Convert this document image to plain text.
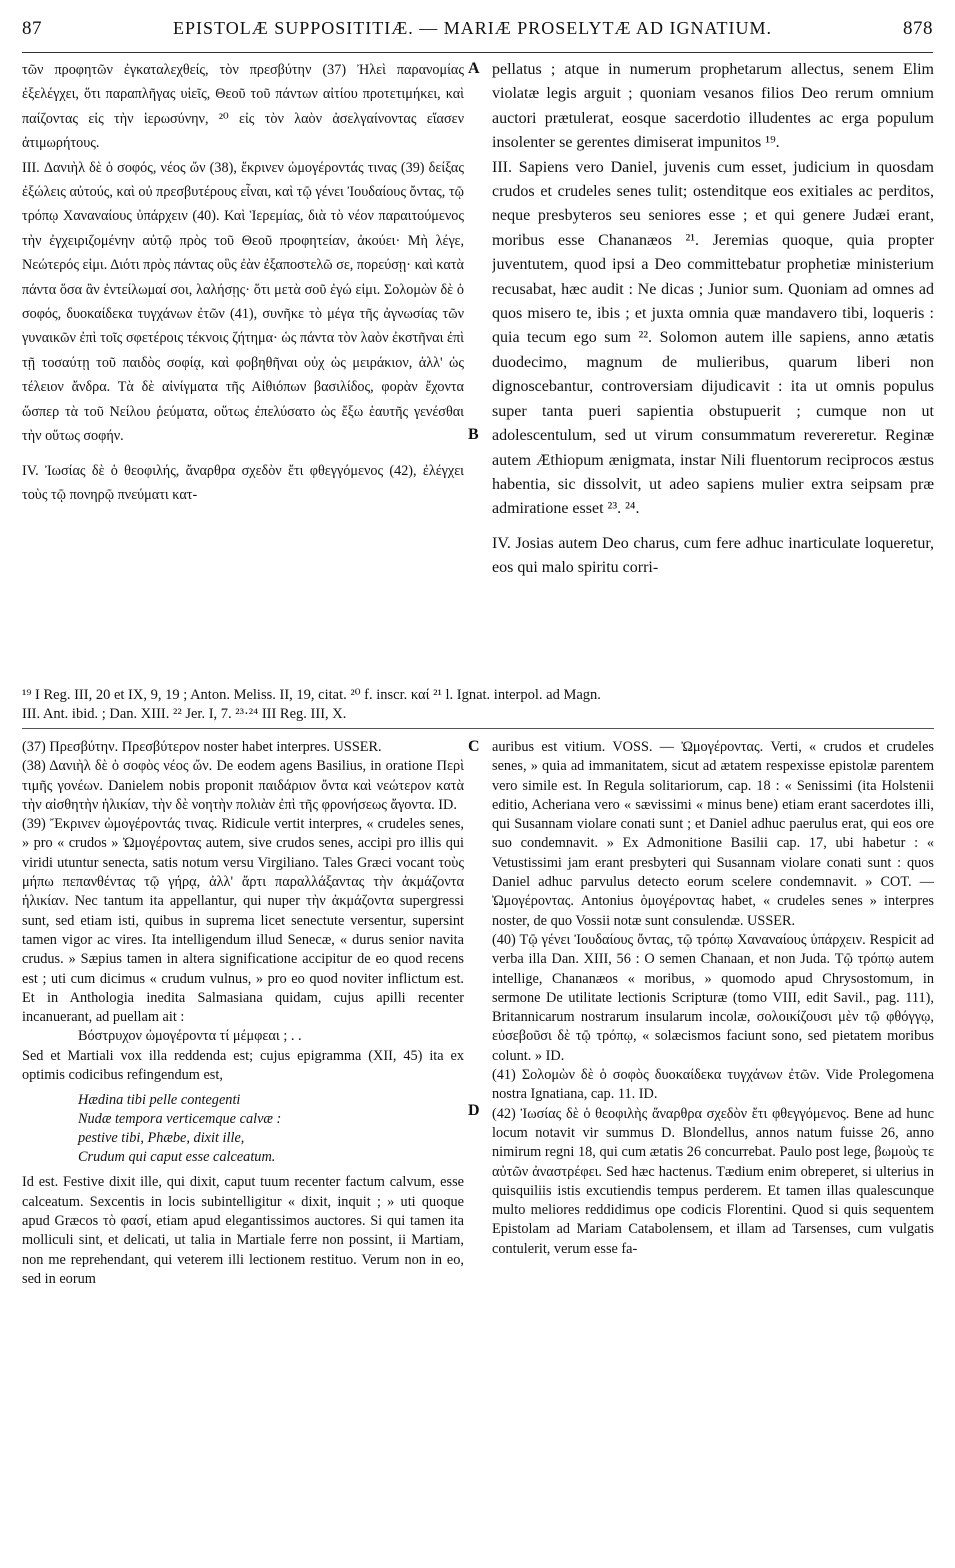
87	EPISTOLÆ SUPPOSITITIÆ. — MARIÆ PROSELYTÆ AD IGNATIUM.	878

τῶν προφητῶν ἐγκαταλεχθείς, τὸν πρεσβύτην (37) Ἠλεὶ παρανομίας ἐξελέγχει, ὅτι παραπλῆγας υἱεῖς, Θεοῦ τοῦ πάντων αἰτίου προτετιμήκει, καὶ παίζοντας εἰς τὴν ἱερωσύνην, ²⁰ εἰς τὸν λαὸν ἀσελγαίνοντας εἴασεν ἀτιμωρήτους.

III. Δανιὴλ δὲ ὁ σοφός, νέος ὤν (38), ἔκρινεν ὠμογέροντάς τινας (39) δείξας ἐξώλεις αὐτούς, καὶ οὐ πρεσβυτέρους εἶναι, καὶ τῷ γένει Ἰουδαίους ὄντας, τῷ τρόπῳ Χαναναίους ὑπάρχειν (40). Καὶ Ἱερεμίας, διὰ τὸ νέον παραιτούμενος τὴν ἐγχειριζομένην αὐτῷ πρὸς τοῦ Θεοῦ προφητείαν, ἀκούει· Μὴ λέγε, Νεώτερός εἰμι. Διότι πρὸς πάντας οὓς ἐὰν ἐξαποστελῶ σε, πορεύσῃ· καὶ κατὰ πάντα ὅσα ἂν ἐντείλωμαί σοι, λαλήσῃς· ὅτι μετὰ σοῦ ἐγώ εἰμι. Σολομὼν δὲ ὁ σοφός, δυοκαίδεκα τυγχάνων ἐτῶν (41), συνῆκε τὸ μέγα τῆς ἀγνωσίας τῶν γυναικῶν ἐπὶ τοῖς σφετέροις τέκνοις ζήτημα· ὡς πάντα τὸν λαὸν ἐκστῆναι ἐπὶ τῇ τοσαύτῃ τοῦ παιδὸς σοφίᾳ, καὶ φοβηθῆναι οὐχ ὡς μειράκιον, ἀλλ' ὡς τέλειον ἄνδρα. Τὰ δὲ αἰνίγματα τῆς Αἰθιόπων βασιλίδος, φορὰν ἔχοντα ὥσπερ τὰ τοῦ Νείλου ῥεύματα, οὕτως ἐπελύσατο ὡς ἔξω ἑαυτῆς γενέσθαι τὴν οὕτως σοφήν.

IV. Ἰωσίας δὲ ὁ θεοφιλής, ἄναρθρα σχεδὸν ἔτι φθεγγόμενος (42), ἐλέγχει τοὺς τῷ πονηρῷ πνεύματι κατ-

A
B

pellatus ; atque in numerum prophetarum allectus, senem Elim violatæ legis arguit ; quoniam vesanos filios Deo rerum omnium auctori prætulerat, eosque sacerdotio illudentes ac erga populum insolenter se gerentes dimiserat impunitos ¹⁹.

III. Sapiens vero Daniel, juvenis cum esset, judicium in quosdam crudos et crudeles senes tulit; ostenditque eos exitiales ac perditos, neque presbyteros seu seniores esse ; et qui genere Judæi erant, moribus esse Chananæos ²¹. Jeremias quoque, quia propter juventutem, quod ipsi a Deo committebatur prophetiæ ministerium recusabat, hæc audit : Ne dicas ; Junior sum. Quoniam ad omnes ad quos misero te, ibis ; et juxta omnia quæ mandavero tibi, loqueris : quia tecum ego sum ²². Solomon autem ille sapiens, anno ætatis duodecimo, magnum de mulieribus, quarum liberi non dignoscebantur, controversiam dijudicavit : ita ut omnis populus super tanta pueri sapientia obstupuerit ; cumque non ut adolescentulum, sed ut virum consummatum revereretur. Reginæ autem Æthiopum ænigmata, instar Nili fluentorum reciprocos æstus habentia, sic dissolvit, ut adeo sapiens mulier extra seipsam præ admiratione esset ²³. ²⁴.

IV. Josias autem Deo charus, cum fere adhuc inarticulate loqueretur, eos qui malo spiritu corri-

¹⁹ I Reg. III, 20 et IX, 9, 19 ; Anton. Meliss. II, 19, citat. ²⁰ f. inscr. καί ²¹ l. Ignat. interpol. ad Magn.
III. Ant. ibid. ; Dan. XIII. ²² Jer. I, 7. ²³·²⁴ III Reg. III, X.

(37) Πρεσβύτην. Πρεσβύτερον noster habet interpres. USSER.

(38) Δανιὴλ δὲ ὁ σοφὸς νέος ὤν. De eodem agens Basilius, in oratione Περὶ τιμῆς γονέων. Danielem nobis proponit παιδάριον ὄντα καὶ νεώτερον κατὰ τὴν αἰσθητὴν ἡλικίαν, τὴν δὲ νοητὴν πολιὰν ἐπὶ τῆς φρονήσεως ἄγοντα. ID.

(39) Ἔκρινεν ὠμογέροντάς τινας. Ridicule vertit interpres, « crudeles senes, » pro « crudos » Ὠμογέροντας autem, sive crudos senes, accipi pro illis qui viridi utuntur senecta, satis notum versu Virgiliano. Tales Græci vocant τοὺς μήπω πεπανθέντας τῷ γήρᾳ, ἀλλ' ἄρτι παραλλάξαντας τὴν ἀκμάζοντα ἡλικίαν. Nec tantum ita appellantur, qui nuper τὴν ἀκμάζοντα supergressi sunt, sed etiam isti, quibus in suprema licet senectute versentur, supersint tamen vigor ac vires. Ita intelligendum illud Senecæ, « durus senior navita crudus. » Sæpius tamen in altera significatione accipitur de eo quod recens est ; uti cum dicimus « crudum vulnus, » pro eo quod noviter inflictum est. Et in Anthologia inedita Salmasiana quidam, cujus apilli recenter incanuerant, ad puellam ait :

Βόστρυχον ὠμογέροντα τί μέμφεαι ; . .

Sed et Martiali vox illa reddenda est; cujus epigramma (XII, 45) ita ex optimis codicibus refingendum est,

Hædina tibi pelle contegenti
Nudæ tempora verticemque calvæ :
pestive tibi, Phæbe, dixit ille,
Crudum qui caput esse calceatum.

Id est. Festive dixit ille, qui dixit, caput tuum recenter factum calvum, esse calceatum. Sexcentis in locis subintelligitur « dixit, inquit ; » uti quoque apud Græcos τὸ φασί, etiam apud elegantissimos auctores. Si qui tamen ita molliculi sint, et delicati, ut talia in Martiale ferre non possint, ii Martiam, non me reprehendant, qui veterem illi lectionem restituo. Verum non in eo, sed in eorum

C
D

auribus est vitium. VOSS. — Ὠμογέροντας. Verti, « crudos et crudeles senes, » quia ad immanitatem, sicut ad ætatem respexisse epistolæ parentem vero simile est. In Regula solitariorum, cap. 18 : « Senissimi (ita Holstenii editio, Acheriana vero « sævissimi « minus bene) etiam erant sacerdotes illi, qui Susannam violare conati sunt ; et Daniel adhuc paerulus erat, qui eos ore suo condemnavit. » Ex Admonitione Basilii cap. 17, ubi habetur : « Vetustissimi jam erant presbyteri qui Susannam violare conati sunt : quos Daniel adhuc parvulus detecto eorum scelere condemnavit. » COT. — Ὠμογέροντας. Antonius ὁμογέροντας habet, « crudeles senes » interpres noster, de quo Vossii notæ sunt consulendæ. USSER.

(40) Τῷ γένει Ἰουδαίους ὄντας, τῷ τρόπῳ Χαναναίους ὑπάρχειν. Respicit ad verba illa Dan. XIII, 56 : O semen Chanaan, et non Juda. Τῷ τρόπῳ autem intellige, Chananæos « moribus, » quomodo apud Chrysostomum, in sermone De utilitate lectionis Scripturæ (tomo VIII, edit Savil., pag. 111), Britannicarum nostrarum insularum incolæ, σολοικίζουσι μὲν τῷ φθόγγῳ, εὐσεβοῦσι δὲ τῷ τρόπῳ, « solæcismos faciunt sono, sed pietatem moribus colunt. » ID.

(41) Σολομὼν δὲ ὁ σοφὸς δυοκαίδεκα τυγχάνων ἐτῶν. Vide Prolegomena nostra Ignatiana, cap. 11. ID.

(42) Ἰωσίας δὲ ὁ θεοφιλὴς ἄναρθρα σχεδὸν ἔτι φθεγγόμενος. Bene ad hunc locum notavit vir summus D. Blondellus, annos natum fuisse 26, anno nimirum regni 18, qui cum ætatis 26 concurrebat. Paulo post lege, βωμοὺς τε αὐτῶν ἀναστρέφει. Sed hæc hactenus. Tædium enim obreperet, si ulterius in quisquiliis istis excutiendis tempus perderem. Et tamen illas qualescunque multo meliores reddidimus ope codicis Florentini. Quod si quis sequentem Epistolam ad Mariam Catabolensem, et illam ad Tarsenses, cum vulgatis contulerit, verum esse fa-
